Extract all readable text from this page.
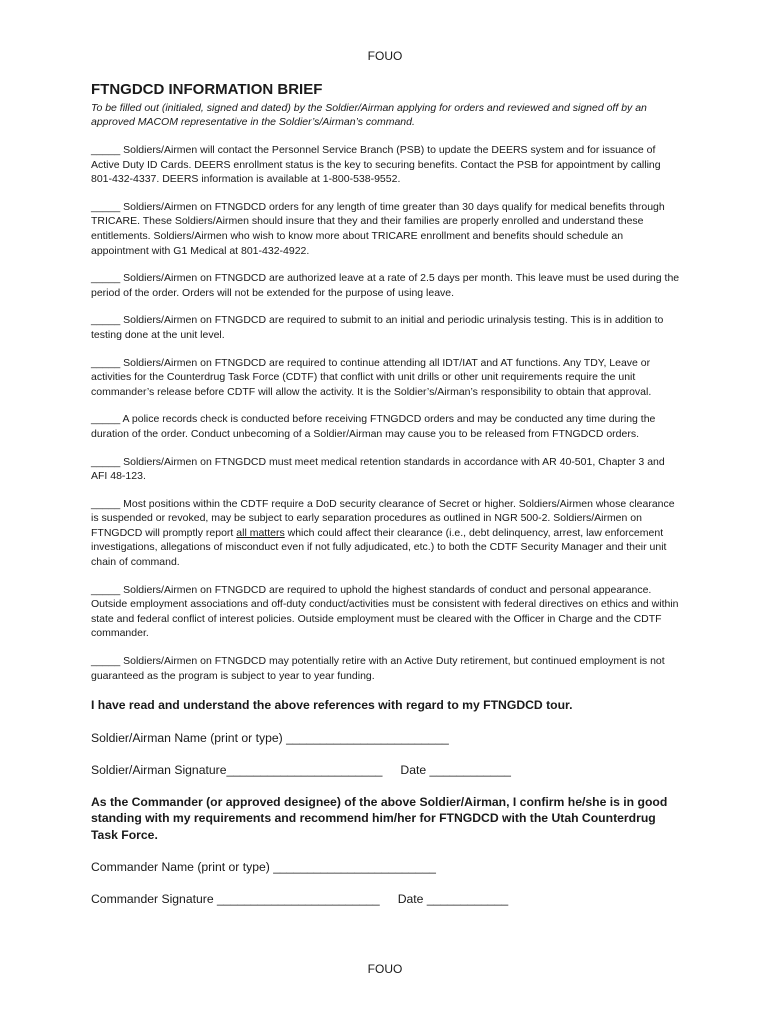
FOUO
FTNGDCD INFORMATION BRIEF

To be filled out (initialed, signed and dated) by the Soldier/Airman applying for orders and reviewed and signed off by an approved MACOM representative in the Soldier’s/Airman’s command.

_____ Soldiers/Airmen will contact the Personnel Service Branch (PSB) to update the DEERS system and for issuance of Active Duty ID Cards. DEERS enrollment status is the key to securing benefits. Contact the PSB for appointment by calling 801-432-4337. DEERS information is available at 1-800-538-9552.

_____ Soldiers/Airmen on FTNGDCD orders for any length of time greater than 30 days qualify for medical benefits through TRICARE. These Soldiers/Airmen should insure that they and their families are properly enrolled and understand these entitlements. Soldiers/Airmen who wish to know more about TRICARE enrollment and benefits should schedule an appointment with G1 Medical at 801-432-4922.

_____ Soldiers/Airmen on FTNGDCD are authorized leave at a rate of 2.5 days per month. This leave must be used during the period of the order. Orders will not be extended for the purpose of using leave.

_____ Soldiers/Airmen on FTNGDCD are required to submit to an initial and periodic urinalysis testing. This is in addition to testing done at the unit level.

_____ Soldiers/Airmen on FTNGDCD are required to continue attending all IDT/IAT and AT functions. Any TDY, Leave or activities for the Counterdrug Task Force (CDTF) that conflict with unit drills or other unit requirements require the unit commander’s release before CDTF will allow the activity. It is the Soldier’s/Airman’s responsibility to obtain that approval.

_____ A police records check is conducted before receiving FTNGDCD orders and may be conducted any time during the duration of the order. Conduct unbecoming of a Soldier/Airman may cause you to be released from FTNGDCD orders.

_____ Soldiers/Airmen on FTNGDCD must meet medical retention standards in accordance with AR 40-501, Chapter 3 and AFI 48-123.

_____ Most positions within the CDTF require a DoD security clearance of Secret or higher. Soldiers/Airmen whose clearance is suspended or revoked, may be subject to early separation procedures as outlined in NGR 500-2. Soldiers/Airmen on FTNGDCD will promptly report all matters which could affect their clearance (i.e., debt delinquency, arrest, law enforcement investigations, allegations of misconduct even if not fully adjudicated, etc.) to both the CDTF Security Manager and their unit chain of command.

_____ Soldiers/Airmen on FTNGDCD are required to uphold the highest standards of conduct and personal appearance. Outside employment associations and off-duty conduct/activities must be consistent with federal directives on ethics and within state and federal conflict of interest policies. Outside employment must be cleared with the Officer in Charge and the CDTF commander.

_____ Soldiers/Airmen on FTNGDCD may potentially retire with an Active Duty retirement, but continued employment is not guaranteed as the program is subject to year to year funding.

I have read and understand the above references with regard to my FTNGDCD tour.

Soldier/Airman Name (print or type) ________________________

Soldier/Airman Signature_______________________ Date ____________

As the Commander (or approved designee) of the above Soldier/Airman, I confirm he/she is in good standing with my requirements and recommend him/her for FTNGDCD with the Utah Counterdrug Task Force.

Commander Name (print or type) ________________________

Commander Signature ________________________ Date ____________

FOUO
